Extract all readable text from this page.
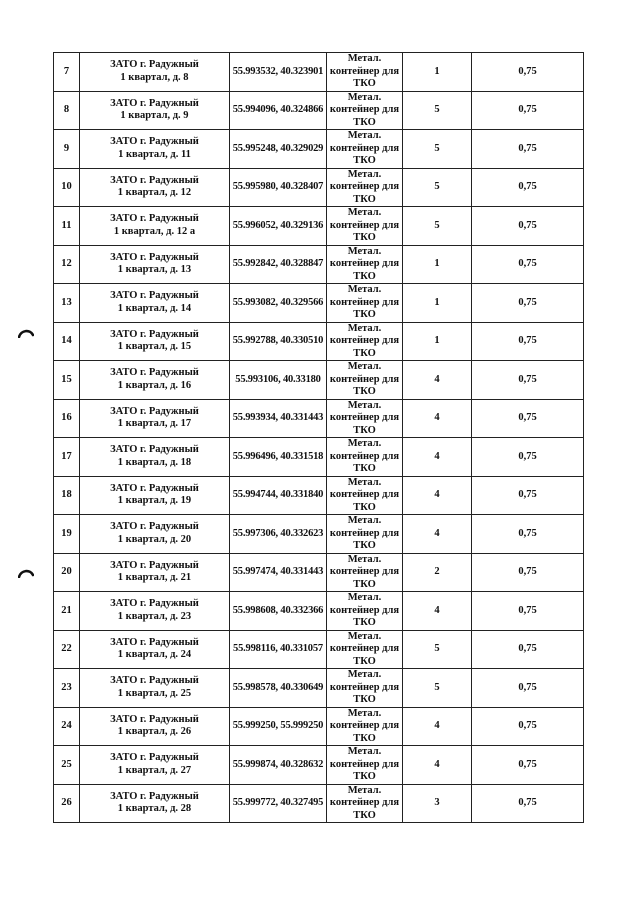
7	ЗАТО г. Радужный
1 квартал, д. 8	55.993532, 40.323901	Метал.
контейнер для
ТКО	1	0,75
8	ЗАТО г. Радужный
1 квартал, д. 9	55.994096, 40.324866	Метал.
контейнер для
ТКО	5	0,75
9	ЗАТО г. Радужный
1 квартал, д. 11	55.995248, 40.329029	Метал.
контейнер для
ТКО	5	0,75
10	ЗАТО г. Радужный
1 квартал, д. 12	55.995980, 40.328407	Метал.
контейнер для
ТКО	5	0,75
11	ЗАТО г. Радужный
1 квартал, д. 12 а	55.996052, 40.329136	Метал.
контейнер для
ТКО	5	0,75
12	ЗАТО г. Радужный
1 квартал, д. 13	55.992842, 40.328847	Метал.
контейнер для
ТКО	1	0,75
13	ЗАТО г. Радужный
1 квартал, д. 14	55.993082, 40.329566	Метал.
контейнер для
ТКО	1	0,75
14	ЗАТО г. Радужный
1 квартал, д. 15	55.992788, 40.330510	Метал.
контейнер для
ТКО	1	0,75
15	ЗАТО г. Радужный
1 квартал, д. 16	55.993106, 40.33180	Метал.
контейнер для
ТКО	4	0,75
16	ЗАТО г. Радужный
1 квартал, д. 17	55.993934, 40.331443	Метал.
контейнер для
ТКО	4	0,75
17	ЗАТО г. Радужный
1 квартал, д. 18	55.996496, 40.331518	Метал.
контейнер для
ТКО	4	0,75
18	ЗАТО г. Радужный
1 квартал, д. 19	55.994744, 40.331840	Метал.
контейнер для
ТКО	4	0,75
19	ЗАТО г. Радужный
1 квартал, д. 20	55.997306, 40.332623	Метал.
контейнер для
ТКО	4	0,75
20	ЗАТО г. Радужный
1 квартал, д. 21	55.997474, 40.331443	Метал.
контейнер для
ТКО	2	0,75
21	ЗАТО г. Радужный
1 квартал, д. 23	55.998608, 40.332366	Метал.
контейнер для
ТКО	4	0,75
22	ЗАТО г. Радужный
1 квартал, д. 24	55.998116, 40.331057	Метал.
контейнер для
ТКО	5	0,75
23	ЗАТО г. Радужный
1 квартал, д. 25	55.998578, 40.330649	Метал.
контейнер для
ТКО	5	0,75
24	ЗАТО г. Радужный
1 квартал, д. 26	55.999250, 55.999250	Метал.
контейнер для
ТКО	4	0,75
25	ЗАТО г. Радужный
1 квартал, д. 27	55.999874, 40.328632	Метал.
контейнер для
ТКО	4	0,75
26	ЗАТО г. Радужный
1 квартал, д. 28	55.999772, 40.327495	Метал.
контейнер для
ТКО	3	0,75
